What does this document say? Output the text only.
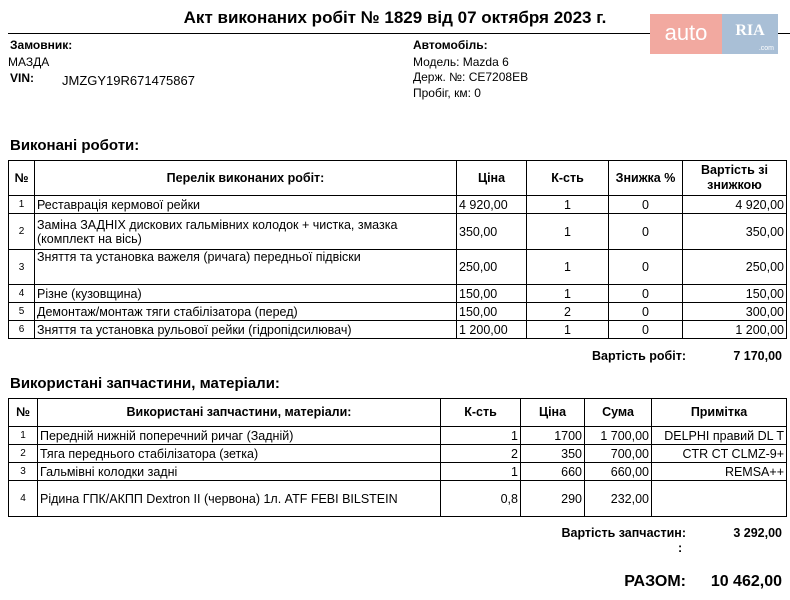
Акт виконаних робіт № 1829 від 07 октября 2023 г.
auto	RIA
.com
Замовник:
МАЗДА
VIN: JMZGY19R671475867
Автомобіль:
Модель: Mazda 6
Держ. №: CE7208EB
Пробіг, км: 0
Виконані роботи:
№	Перелік виконаних робіт:	Ціна	К-сть	Знижка %	Вартість зі знижкою
1	Реставрація кермової рейки	4 920,00	1	0	4 920,00
2	Заміна ЗАДНІХ дискових гальмівних колодок + чистка, змазка (комплект на вісь)	350,00	1	0	350,00
3	Зняття та установка важеля (ричага) передньої підвіски	250,00	1	0	250,00
4	Різне (кузовщина)	150,00	1	0	150,00
5	Демонтаж/монтаж тяги стабілізатора (перед)	150,00	2	0	300,00
6	Зняття та установка рульової рейки (гідропідсилювач)	1 200,00	1	0	1 200,00
Вартість робіт:	7 170,00
Використані запчастини, матеріали:
№	Використані запчастини, матеріали:	К-сть	Ціна	Сума	Примітка
1	Передній нижній поперечний ричаг (Задній)	1	1700	1 700,00	DELPHI правий DL T
2	Тяга переднього стабілізатора (зетка)	2	350	700,00	CTR CT CLMZ-9+
3	Гальмівні колодки задні	1	660	660,00	REMSA++
4	Рідина ГПК/АКПП Dextron II (червона) 1л. ATF FEBI BILSTEIN	0,8	290	232,00	
Вартість запчастин:
:
3 292,00
РАЗОМ:	10 462,00
